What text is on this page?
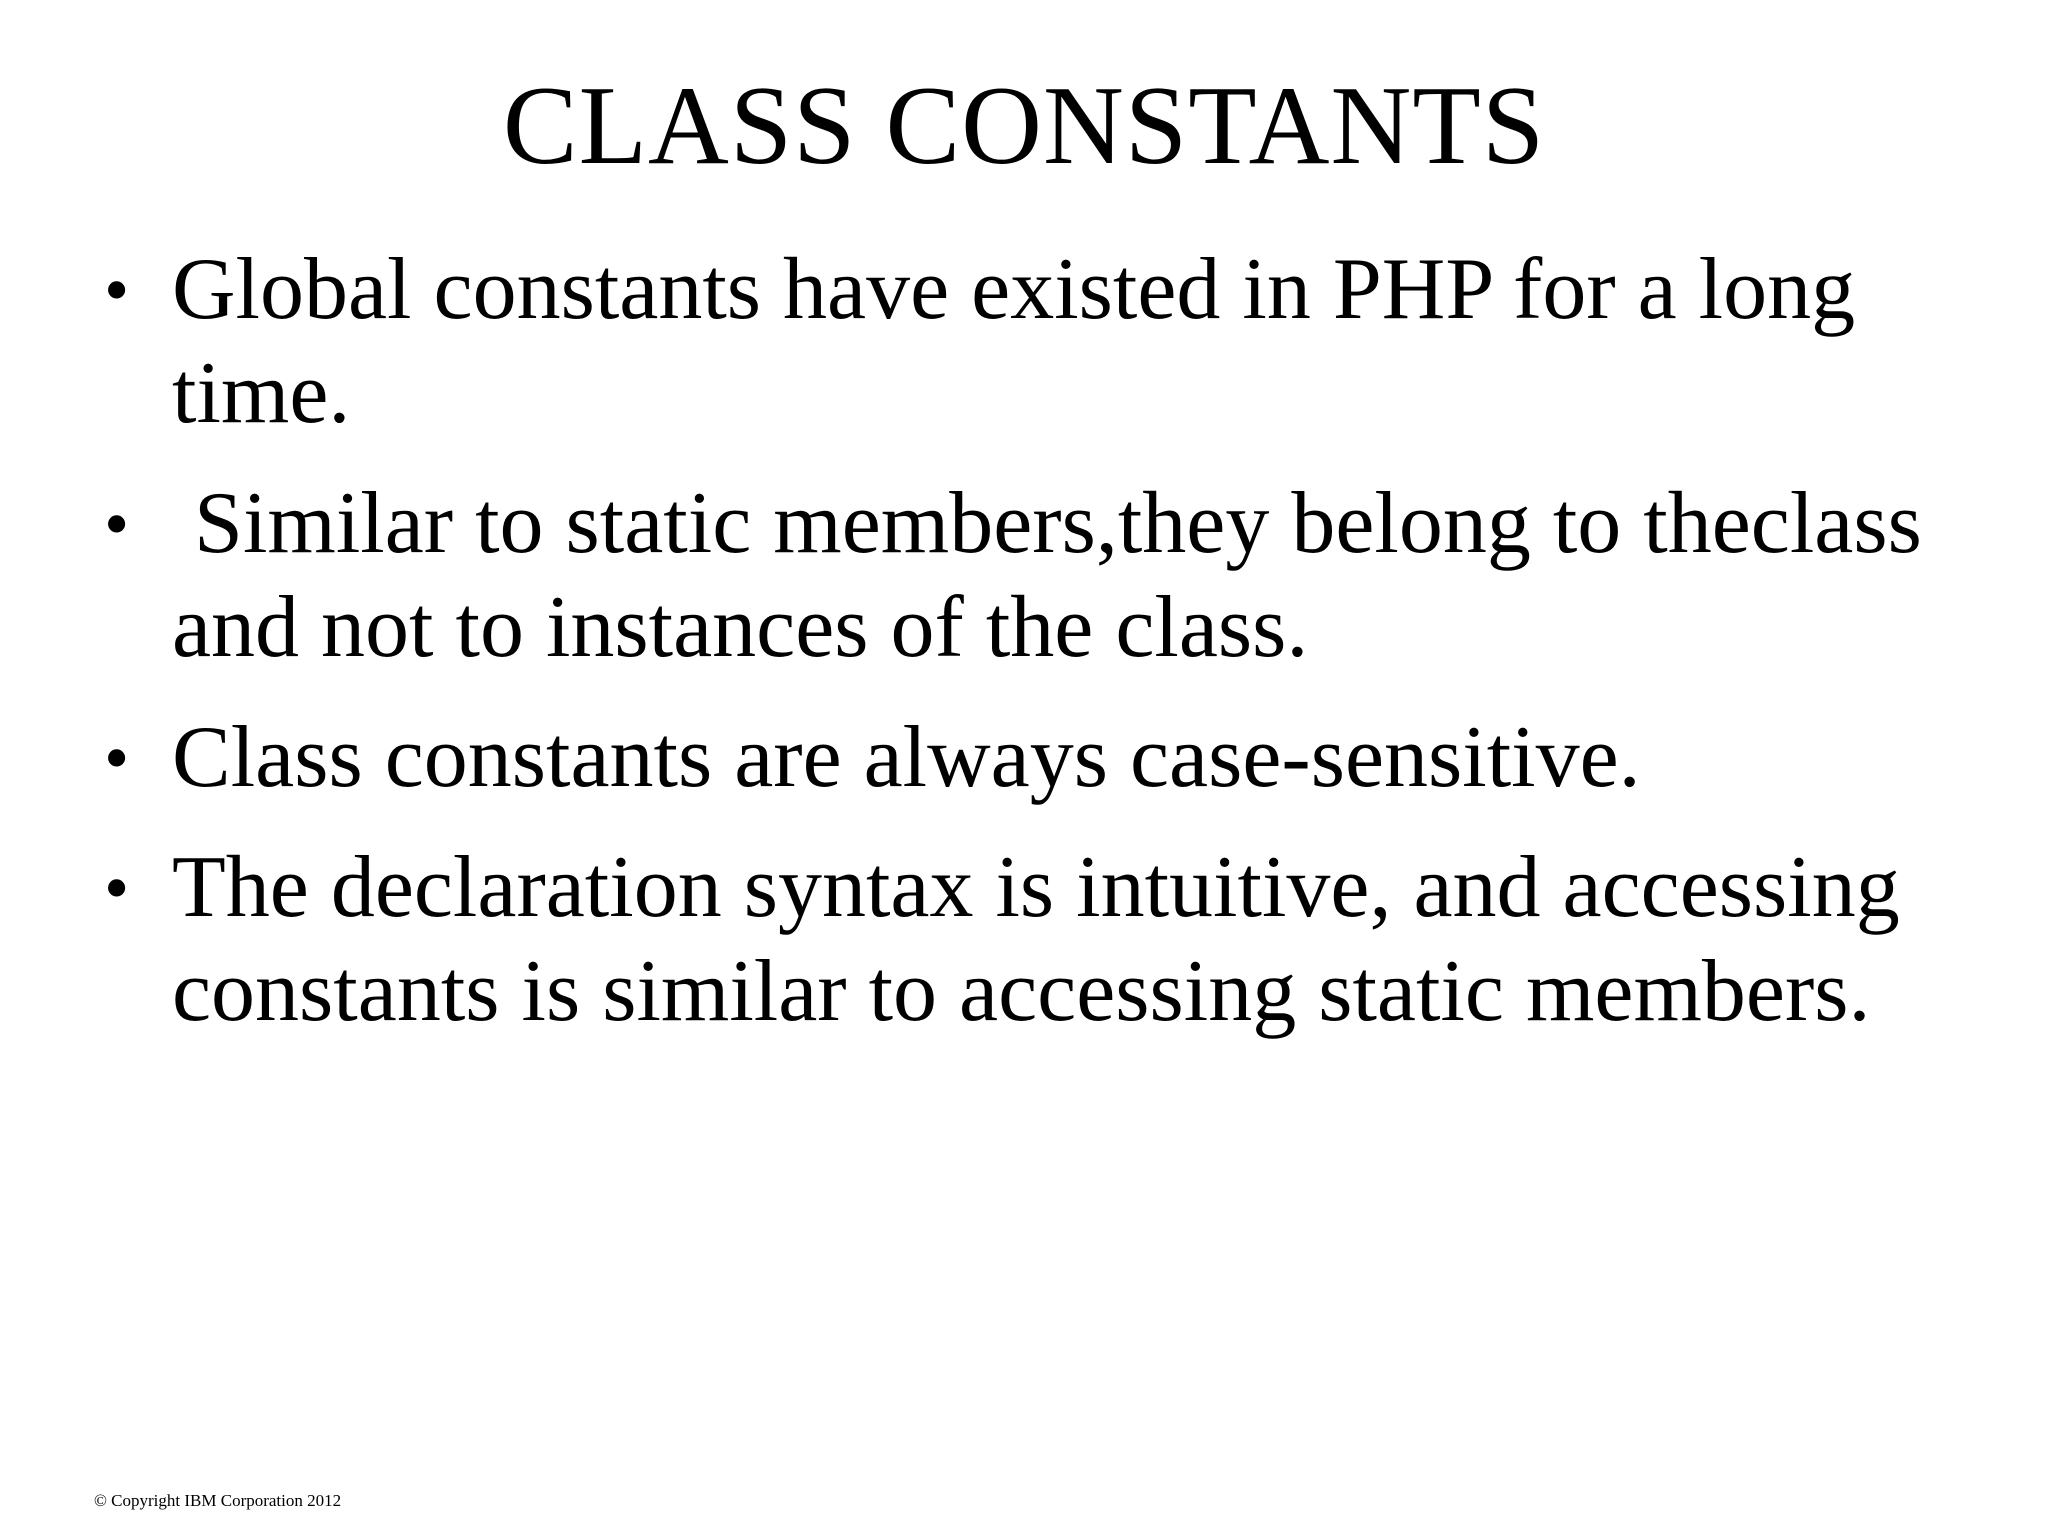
CLASS CONSTANTS
• Global constants have existed in PHP for a long time.
• Similar to static members,they belong to theclass and not to instances of the class.
• Class constants are always case-sensitive.
• The declaration syntax is intuitive, and accessing constants is similar to accessing static members.
© Copyright IBM Corporation 2012
